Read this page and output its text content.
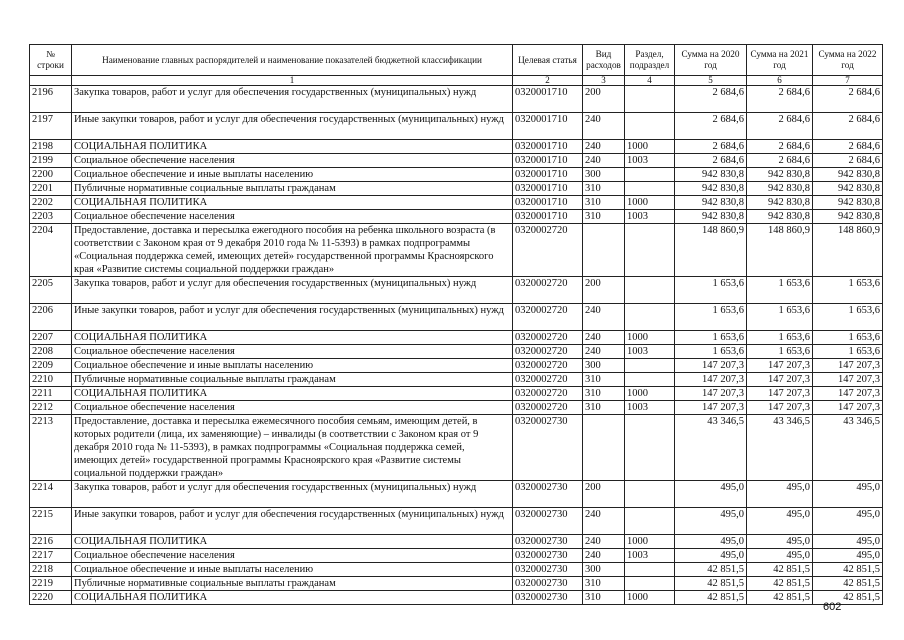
№ строки	Наименование главных распорядителей и наименование показателей бюджетной классификации	Целевая статья	Вид расходов	Раздел, подраздел	Сумма на 2020 год	Сумма на 2021 год	Сумма на 2022 год
	1	2	3	4	5	6	7
2196	Закупка товаров, работ и услуг для обеспечения государственных (муниципальных) нужд	0320001710	200		2 684,6	2 684,6	2 684,6
2197	Иные закупки товаров, работ и услуг для обеспечения государственных (муниципальных) нужд	0320001710	240		2 684,6	2 684,6	2 684,6
2198	СОЦИАЛЬНАЯ ПОЛИТИКА	0320001710	240	1000	2 684,6	2 684,6	2 684,6
2199	Социальное обеспечение населения	0320001710	240	1003	2 684,6	2 684,6	2 684,6
2200	Социальное обеспечение и иные выплаты населению	0320001710	300		942 830,8	942 830,8	942 830,8
2201	Публичные нормативные социальные выплаты гражданам	0320001710	310		942 830,8	942 830,8	942 830,8
2202	СОЦИАЛЬНАЯ ПОЛИТИКА	0320001710	310	1000	942 830,8	942 830,8	942 830,8
2203	Социальное обеспечение населения	0320001710	310	1003	942 830,8	942 830,8	942 830,8
2204	Предоставление, доставка и пересылка ежегодного пособия на ребенка школьного возраста (в соответствии с Законом края от 9 декабря 2010 года № 11-5393) в рамках подпрограммы «Социальная поддержка семей, имеющих детей» государственной программы Красноярского края «Развитие системы социальной поддержки граждан»	0320002720			148 860,9	148 860,9	148 860,9
2205	Закупка товаров, работ и услуг для обеспечения государственных (муниципальных) нужд	0320002720	200		1 653,6	1 653,6	1 653,6
2206	Иные закупки товаров, работ и услуг для обеспечения государственных (муниципальных) нужд	0320002720	240		1 653,6	1 653,6	1 653,6
2207	СОЦИАЛЬНАЯ ПОЛИТИКА	0320002720	240	1000	1 653,6	1 653,6	1 653,6
2208	Социальное обеспечение населения	0320002720	240	1003	1 653,6	1 653,6	1 653,6
2209	Социальное обеспечение и иные выплаты населению	0320002720	300		147 207,3	147 207,3	147 207,3
2210	Публичные нормативные социальные выплаты гражданам	0320002720	310		147 207,3	147 207,3	147 207,3
2211	СОЦИАЛЬНАЯ ПОЛИТИКА	0320002720	310	1000	147 207,3	147 207,3	147 207,3
2212	Социальное обеспечение населения	0320002720	310	1003	147 207,3	147 207,3	147 207,3
2213	Предоставление, доставка и пересылка ежемесячного пособия семьям, имеющим детей, в которых родители (лица, их заменяющие) – инвалиды (в соответствии с Законом края от 9 декабря 2010 года № 11-5393), в рамках подпрограммы «Социальная поддержка семей, имеющих детей» государственной программы Красноярского края «Развитие системы социальной поддержки граждан»	0320002730			43 346,5	43 346,5	43 346,5
2214	Закупка товаров, работ и услуг для обеспечения государственных (муниципальных) нужд	0320002730	200		495,0	495,0	495,0
2215	Иные закупки товаров, работ и услуг для обеспечения государственных (муниципальных) нужд	0320002730	240		495,0	495,0	495,0
2216	СОЦИАЛЬНАЯ ПОЛИТИКА	0320002730	240	1000	495,0	495,0	495,0
2217	Социальное обеспечение населения	0320002730	240	1003	495,0	495,0	495,0
2218	Социальное обеспечение и иные выплаты населению	0320002730	300		42 851,5	42 851,5	42 851,5
2219	Публичные нормативные социальные выплаты гражданам	0320002730	310		42 851,5	42 851,5	42 851,5
2220	СОЦИАЛЬНАЯ ПОЛИТИКА	0320002730	310	1000	42 851,5	42 851,5	42 851,5
602
